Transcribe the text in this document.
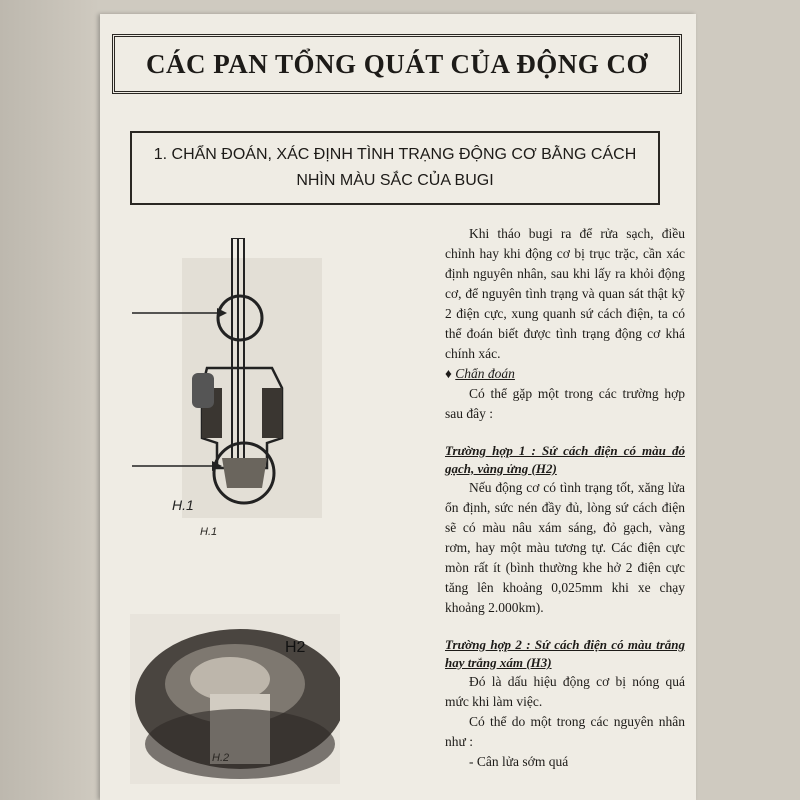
CÁC PAN TỔNG QUÁT CỦA ĐỘNG CƠ
1. CHẨN ĐOÁN, XÁC ĐỊNH TÌNH TRẠNG ĐỘNG CƠ BẰNG CÁCH
NHÌN MÀU SẮC CỦA BUGI
H.1
H.1
H2
H.2

Khi tháo bugi ra để rửa sạch, điều chỉnh hay khi động cơ bị trục trặc, cần xác định nguyên nhân, sau khi lấy ra khỏi động cơ, để nguyên tình trạng và quan sát thật kỹ 2 điện cực, xung quanh sứ cách điện, ta có thể đoán biết được tình trạng động cơ khá chính xác.

♦ Chẩn đoán

Có thể gặp một trong các trường hợp sau đây :

Trường hợp 1 : Sứ cách điện có màu đỏ gạch, vàng ửng (H2)

Nếu động cơ có tình trạng tốt, xăng lửa ổn định, sức nén đầy đủ, lòng sứ cách điện sẽ có màu nâu xám sáng, đỏ gạch, vàng rơm, hay một màu tương tự. Các điện cực mòn rất ít (bình thường khe hở 2 điện cực tăng lên khoảng 0,025mm khi xe chạy khoảng 2.000km).

Trường hợp 2 : Sứ cách điện có màu trắng hay trắng xám (H3)

Đó là dấu hiệu động cơ bị nóng quá mức khi làm việc.

Có thể do một trong các nguyên nhân như :

- Cân lửa sớm quá
